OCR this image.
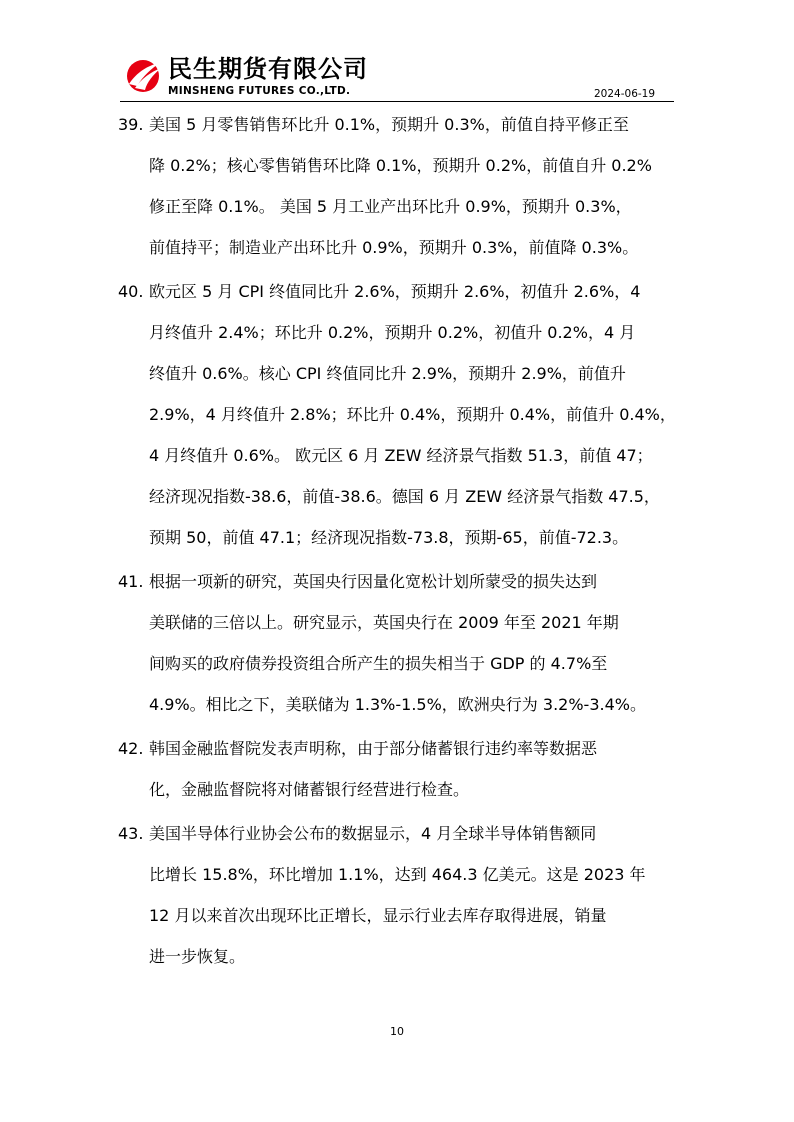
民生期货有限公司
MINSHENG FUTURES CO.,LTD.	2024-06-19
39. 美国 5 月零售销售环比升 0.1%，预期升 0.3%，前值自持平修正至
降 0.2%；核心零售销售环比降 0.1%，预期升 0.2%，前值自升 0.2%
修正至降 0.1%。 美国 5 月工业产出环比升 0.9%，预期升 0.3%，
前值持平；制造业产出环比升 0.9%，预期升 0.3%，前值降 0.3%。
40. 欧元区 5 月 CPI 终值同比升 2.6%，预期升 2.6%，初值升 2.6%，4
月终值升 2.4%；环比升 0.2%，预期升 0.2%，初值升 0.2%，4 月
终值升 0.6%。核心 CPI 终值同比升 2.9%，预期升 2.9%，前值升
2.9%，4 月终值升 2.8%；环比升 0.4%，预期升 0.4%，前值升 0.4%，
4 月终值升 0.6%。 欧元区 6 月 ZEW 经济景气指数 51.3，前值 47；
经济现况指数-38.6，前值-38.6。德国 6 月 ZEW 经济景气指数 47.5，
预期 50，前值 47.1；经济现况指数-73.8，预期-65，前值-72.3。
41. 根据一项新的研究，英国央行因量化宽松计划所蒙受的损失达到
美联储的三倍以上。研究显示，英国央行在 2009 年至 2021 年期
间购买的政府债券投资组合所产生的损失相当于 GDP 的 4.7%至
4.9%。相比之下，美联储为 1.3%-1.5%，欧洲央行为 3.2%-3.4%。
42. 韩国金融监督院发表声明称，由于部分储蓄银行违约率等数据恶
化，金融监督院将对储蓄银行经营进行检查。
43. 美国半导体行业协会公布的数据显示，4 月全球半导体销售额同
比增长 15.8%，环比增加 1.1%，达到 464.3 亿美元。这是 2023 年
12 月以来首次出现环比正增长，显示行业去库存取得进展，销量
进一步恢复。
10
